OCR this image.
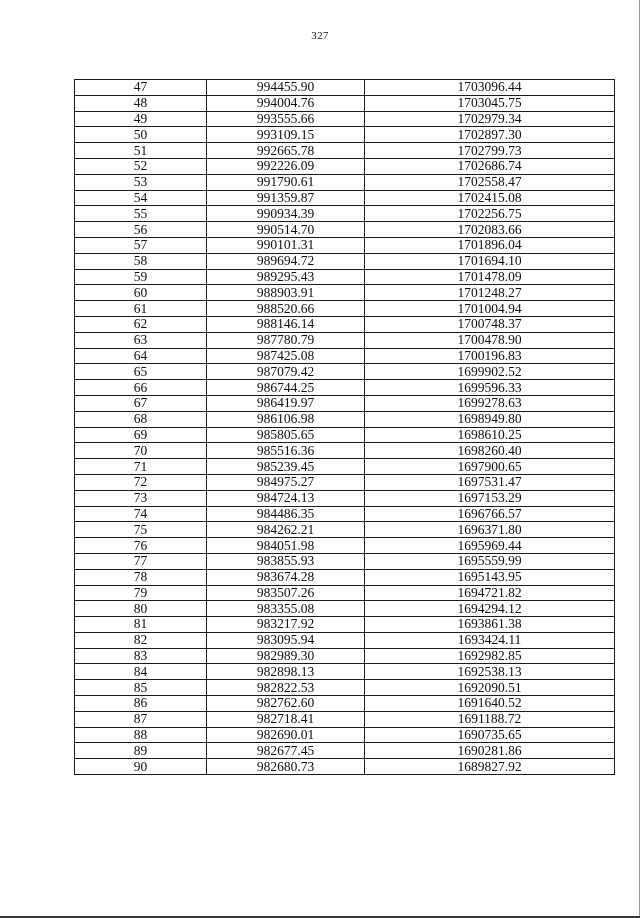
327
47	994455.90	1703096.44
48	994004.76	1703045.75
49	993555.66	1702979.34
50	993109.15	1702897.30
51	992665.78	1702799.73
52	992226.09	1702686.74
53	991790.61	1702558.47
54	991359.87	1702415.08
55	990934.39	1702256.75
56	990514.70	1702083.66
57	990101.31	1701896.04
58	989694.72	1701694.10
59	989295.43	1701478.09
60	988903.91	1701248.27
61	988520.66	1701004.94
62	988146.14	1700748.37
63	987780.79	1700478.90
64	987425.08	1700196.83
65	987079.42	1699902.52
66	986744.25	1699596.33
67	986419.97	1699278.63
68	986106.98	1698949.80
69	985805.65	1698610.25
70	985516.36	1698260.40
71	985239.45	1697900.65
72	984975.27	1697531.47
73	984724.13	1697153.29
74	984486.35	1696766.57
75	984262.21	1696371.80
76	984051.98	1695969.44
77	983855.93	1695559.99
78	983674.28	1695143.95
79	983507.26	1694721.82
80	983355.08	1694294.12
81	983217.92	1693861.38
82	983095.94	1693424.11
83	982989.30	1692982.85
84	982898.13	1692538.13
85	982822.53	1692090.51
86	982762.60	1691640.52
87	982718.41	1691188.72
88	982690.01	1690735.65
89	982677.45	1690281.86
90	982680.73	1689827.92
